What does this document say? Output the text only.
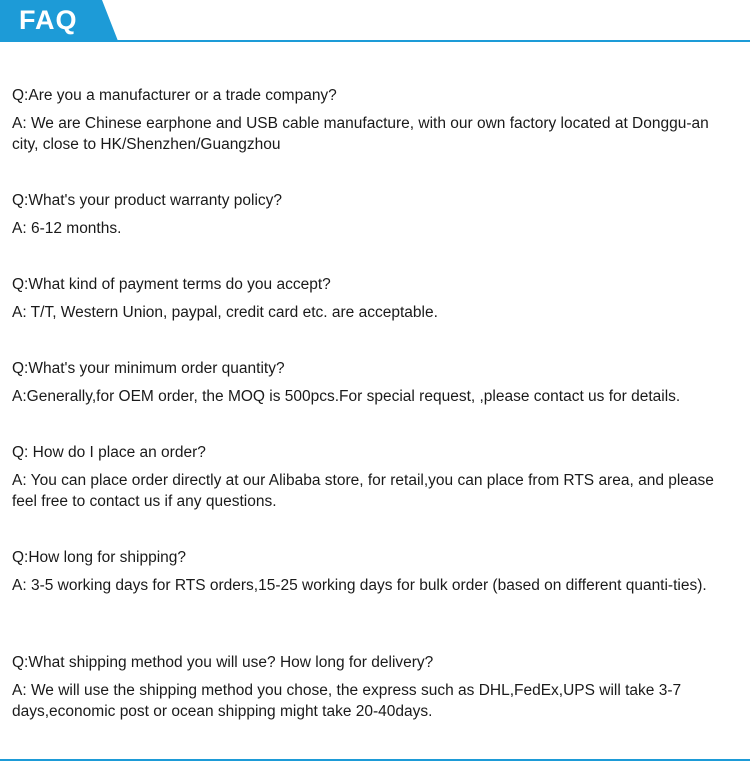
FAQ

Q:Are you a manufacturer or a trade company?

A: We are Chinese earphone and USB cable manufacture, with our own factory located at Donggu-an city, close to HK/Shenzhen/Guangzhou

Q:What's your product warranty policy?

A: 6-12 months.

Q:What kind of payment terms do you accept?

A: T/T, Western Union, paypal, credit card etc. are acceptable.

Q:What's your minimum order quantity?

A:Generally,for OEM order, the MOQ is 500pcs.For special request, ,please contact us for details.

Q: How do I place an order?

A: You can place order directly at our Alibaba store, for retail,you can place from RTS area, and please feel free to contact us if any questions.

Q:How long for shipping?

A: 3-5 working days for RTS orders,15-25 working days for bulk order (based on different quanti-ties).

Q:What shipping method you will use? How long for delivery?

A: We will use the shipping method you chose, the express such as DHL,FedEx,UPS will take 3-7 days,economic post or ocean shipping might take 20-40days.
